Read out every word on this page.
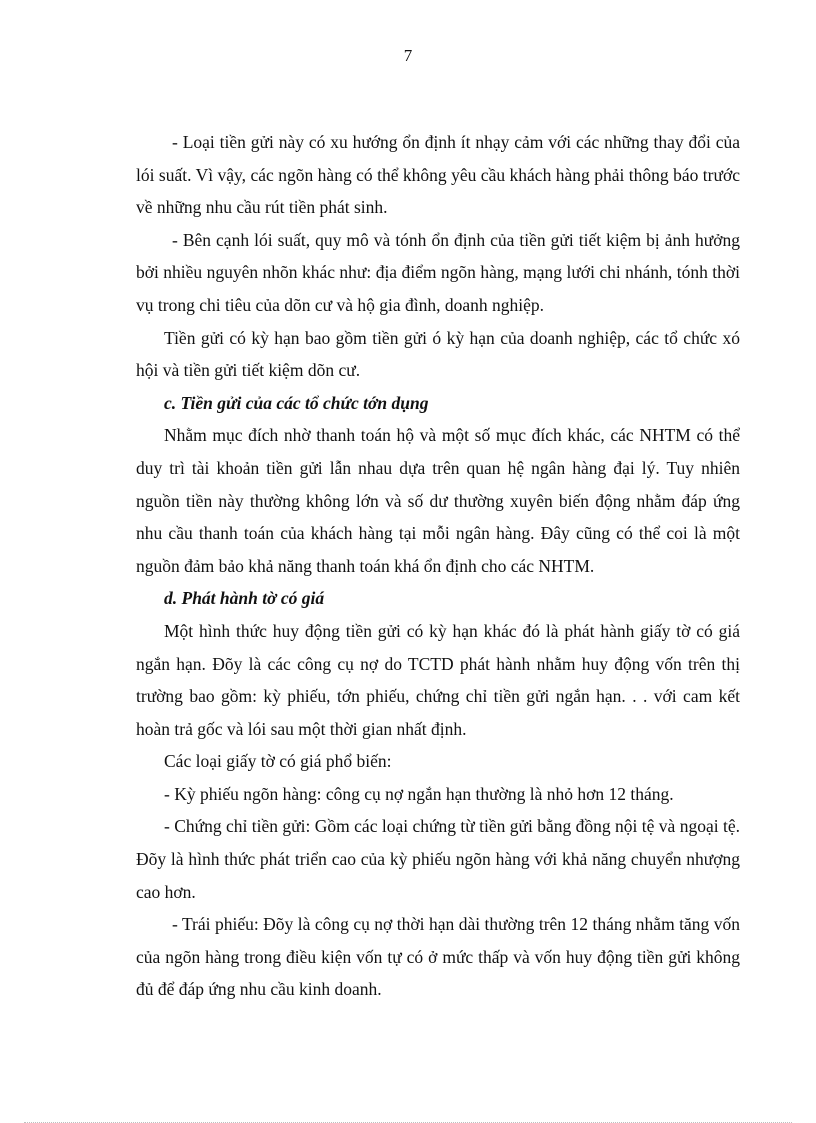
7

- Loại tiền gửi này có xu hướng ổn định ít nhạy cảm với các những thay đổi của lói suất. Vì vậy, các ngõn hàng có thể không yêu cầu khách hàng phải thông báo trước về những nhu cầu rút tiền phát sinh.

- Bên cạnh lói suất, quy mô và tónh ổn định của tiền gửi tiết kiệm bị ảnh hưởng bởi nhiều nguyên nhõn khác như: địa điểm ngõn hàng, mạng lưới chi nhánh, tónh thời vụ trong chi tiêu của dõn cư và hộ gia đình, doanh nghiệp.

Tiền gửi có kỳ hạn bao gồm tiền gửi ó kỳ hạn của doanh nghiệp, các tổ chức xó hội và tiền gửi tiết kiệm dõn cư.

c. Tiền gửi của các tổ chức tớn dụng

Nhằm mục đích nhờ thanh toán hộ và một số mục đích khác, các NHTM có thể duy trì tài khoản tiền gửi lẫn nhau dựa trên quan hệ ngân hàng đại lý. Tuy nhiên nguồn tiền này thường không lớn và số dư thường xuyên biến động nhằm đáp ứng nhu cầu thanh toán của khách hàng tại mỗi ngân hàng. Đây cũng có thể coi là một nguồn đảm bảo khả năng thanh toán khá ổn định cho các NHTM.

d. Phát hành tờ có giá

Một hình thức huy động tiền gửi có kỳ hạn khác đó là phát hành giấy tờ có giá ngắn hạn. Đõy là các công cụ nợ do TCTD phát hành nhằm huy động vốn trên thị trường bao gồm: kỳ phiếu, tớn phiếu, chứng chỉ tiền gửi ngắn hạn. . . với cam kết hoàn trả gốc và lói sau một thời gian nhất định.

Các loại giấy tờ có giá phổ biến:

- Kỳ phiếu ngõn hàng: công cụ nợ ngắn hạn thường là nhỏ hơn 12 tháng.

- Chứng chỉ tiền gửi: Gồm các loại chứng từ tiền gửi bằng đồng nội tệ và ngoại tệ. Đõy là hình thức phát triển cao của kỳ phiếu ngõn hàng với khả năng chuyển nhượng cao hơn.

- Trái phiếu: Đõy là công cụ nợ thời hạn dài thường trên 12 tháng nhằm tăng vốn của ngõn hàng trong điều kiện vốn tự có ở mức thấp và vốn huy động tiền gửi không đủ để đáp ứng nhu cầu kinh doanh.
